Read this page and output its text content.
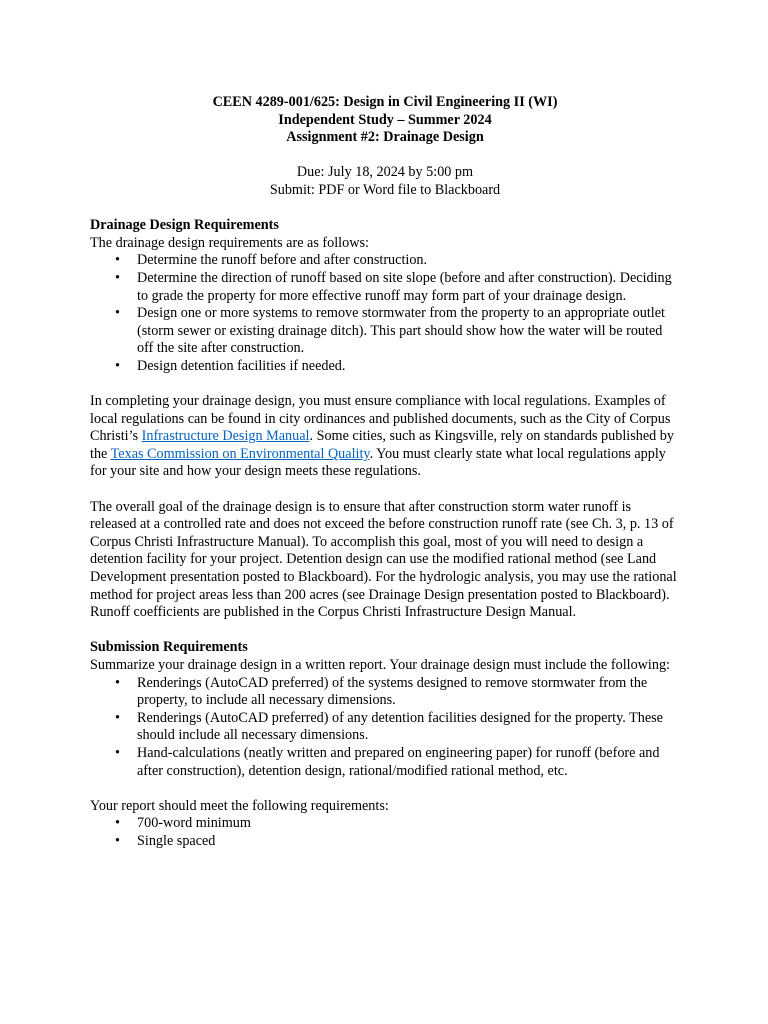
CEEN 4289-001/625: Design in Civil Engineering II (WI)

Independent Study – Summer 2024

Assignment #2: Drainage Design

Due: July 18, 2024 by 5:00 pm

Submit: PDF or Word file to Blackboard

Drainage Design Requirements

The drainage design requirements are as follows:

• Determine the runoff before and after construction.
• Determine the direction of runoff based on site slope (before and after construction). Deciding to grade the property for more effective runoff may form part of your drainage design.
• Design one or more systems to remove stormwater from the property to an appropriate outlet (storm sewer or existing drainage ditch). This part should show how the water will be routed off the site after construction.
• Design detention facilities if needed.

In completing your drainage design, you must ensure compliance with local regulations. Examples of local regulations can be found in city ordinances and published documents, such as the City of Corpus Christi’s Infrastructure Design Manual. Some cities, such as Kingsville, rely on standards published by the Texas Commission on Environmental Quality. You must clearly state what local regulations apply for your site and how your design meets these regulations.

The overall goal of the drainage design is to ensure that after construction storm water runoff is released at a controlled rate and does not exceed the before construction runoff rate (see Ch. 3, p. 13 of Corpus Christi Infrastructure Manual). To accomplish this goal, most of you will need to design a detention facility for your project. Detention design can use the modified rational method (see Land Development presentation posted to Blackboard). For the hydrologic analysis, you may use the rational method for project areas less than 200 acres (see Drainage Design presentation posted to Blackboard). Runoff coefficients are published in the Corpus Christi Infrastructure Design Manual.

Submission Requirements

Summarize your drainage design in a written report. Your drainage design must include the following:

• Renderings (AutoCAD preferred) of the systems designed to remove stormwater from the property, to include all necessary dimensions.
• Renderings (AutoCAD preferred) of any detention facilities designed for the property. These should include all necessary dimensions.
• Hand-calculations (neatly written and prepared on engineering paper) for runoff (before and after construction), detention design, rational/modified rational method, etc.

Your report should meet the following requirements:

• 700-word minimum
• Single spaced
